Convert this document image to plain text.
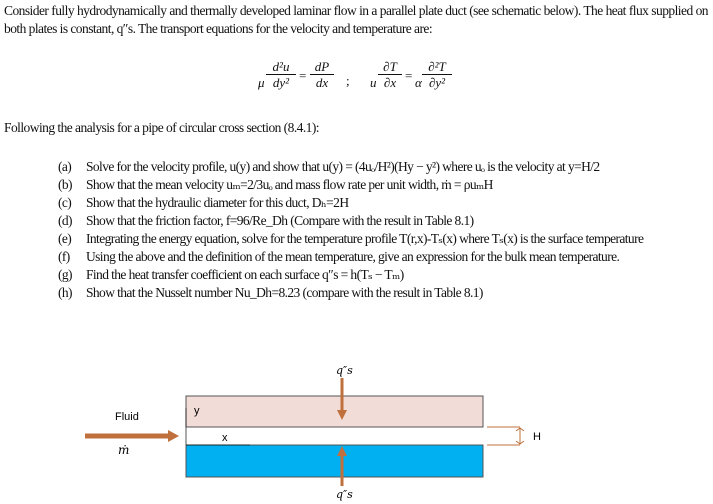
Consider fully hydrodynamically and thermally developed laminar flow in a parallel plate duct (see schematic below). The heat flux supplied on both plates is constant, q″s. The transport equations for the velocity and temperature are:
μ $\frac{\text{d²u}}{\text{dy²}} = \frac{dP}{dx}$ ; u $\frac{\partial T}{\partial x} = \alpha \frac{\text{∂²T}}{\text{∂y²}}$
Following the analysis for a pipe of circular cross section (8.4.1):
(a) Solve for the velocity profile, u(y) and show that u(y) = (4uₒ/H²)(Hy − y²) where uₒ is the velocity at y=H/2
(b) Show that the mean velocity uₘ=2/3uₒ and mass flow rate per unit width, ṁ = ρuₘH
(c) Show that the hydraulic diameter for this duct, Dₕ=2H
(d) Show that the friction factor, f=96/Re_Dh (Compare with the result in Table 8.1)
(e) Integrating the energy equation, solve for the temperature profile T(r,x)-Tₛ(x) where Tₛ(x) is the surface temperature
(f) Using the above and the definition of the mean temperature, give an expression for the bulk mean temperature.
(g) Find the heat transfer coefficient on each surface q″s = h(Tₛ − Tₘ)
(h) Show that the Nusselt number Nu_Dh=8.23 (compare with the result in Table 8.1)
Fluid
ṁ
y
x	H
q″s
q″s
